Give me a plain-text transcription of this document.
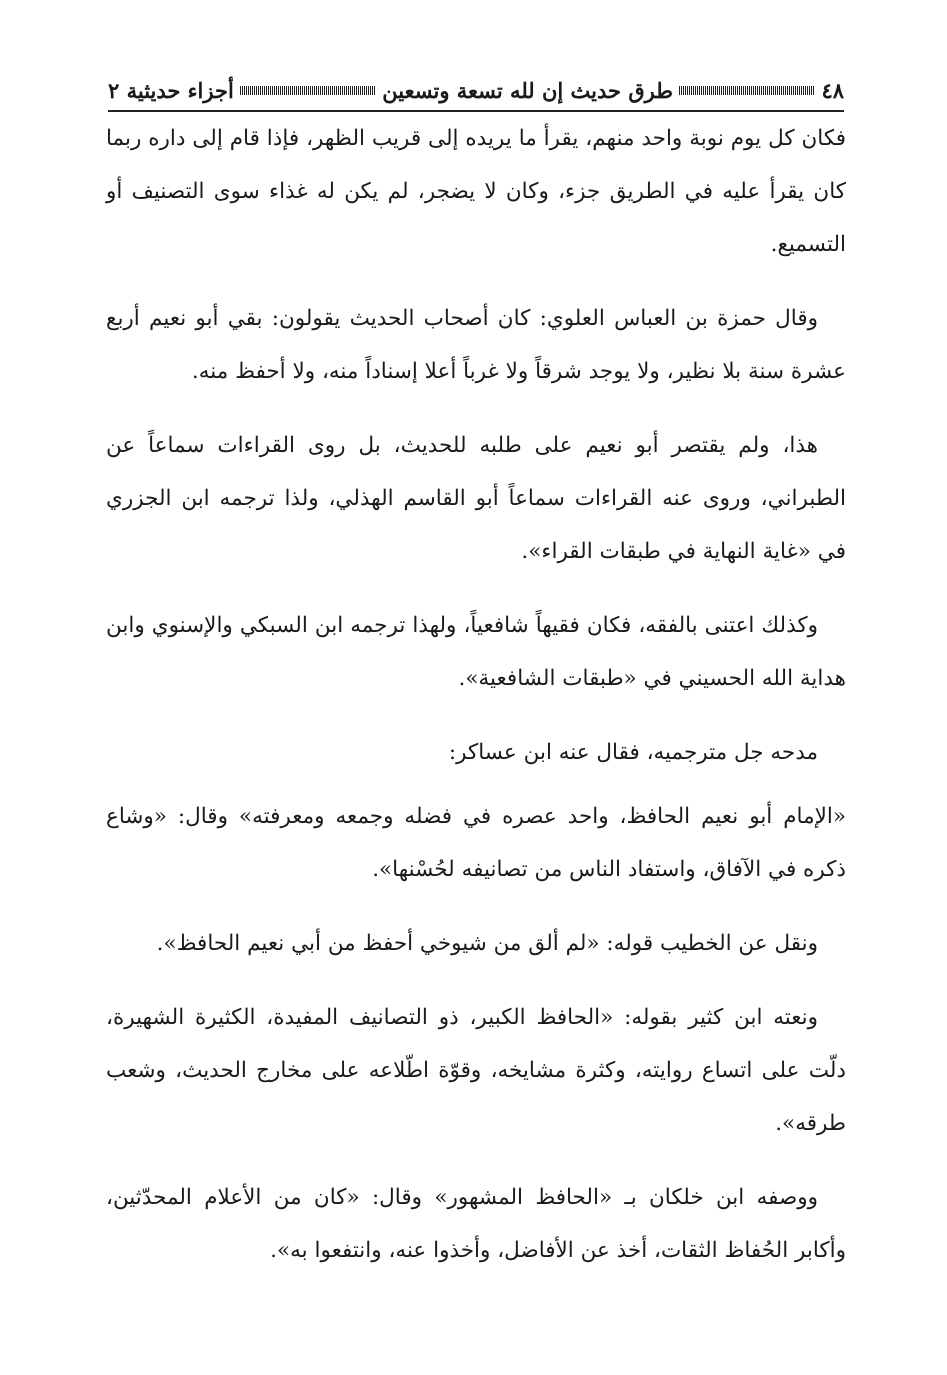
٤٨
طرق حديث إن لله تسعة وتسعين
أجزاء حديثية ٢

فكان كل يوم نوبة واحد منهم، يقرأ ما يريده إلى قريب الظهر، فإذا قام إلى داره ربما كان يقرأ عليه في الطريق جزء، وكان لا يضجر، لم يكن له غذاء سوى التصنيف أو التسميع.

وقال حمزة بن العباس العلوي: كان أصحاب الحديث يقولون: بقي أبو نعيم أربع عشرة سنة بلا نظير، ولا يوجد شرقاً ولا غرباً أعلا إسناداً منه، ولا أحفظ منه.

هذا، ولم يقتصر أبو نعيم على طلبه للحديث، بل روى القراءات سماعاً عن الطبراني، وروى عنه القراءات سماعاً أبو القاسم الهذلي، ولذا ترجمه ابن الجزري في «غاية النهاية في طبقات القراء».

وكذلك اعتنى بالفقه، فكان فقيهاً شافعياً، ولهذا ترجمه ابن السبكي والإسنوي وابن هداية الله الحسيني في «طبقات الشافعية».

مدحه جل مترجميه، فقال عنه ابن عساكر:

«الإمام أبو نعيم الحافظ، واحد عصره في فضله وجمعه ومعرفته» وقال: «وشاع ذكره في الآفاق، واستفاد الناس من تصانيفه لحُسْنها».

ونقل عن الخطيب قوله: «لم ألق من شيوخي أحفظ من أبي نعيم الحافظ».

ونعته ابن كثير بقوله: «الحافظ الكبير، ذو التصانيف المفيدة، الكثيرة الشهيرة، دلّت على اتساع روايته، وكثرة مشايخه، وقوّة اطّلاعه على مخارج الحديث، وشعب طرقه».

ووصفه ابن خلكان بـ «الحافظ المشهور» وقال: «كان من الأعلام المحدّثين، وأكابر الحُفاظ الثقات، أخذ عن الأفاضل، وأخذوا عنه، وانتفعوا به».
